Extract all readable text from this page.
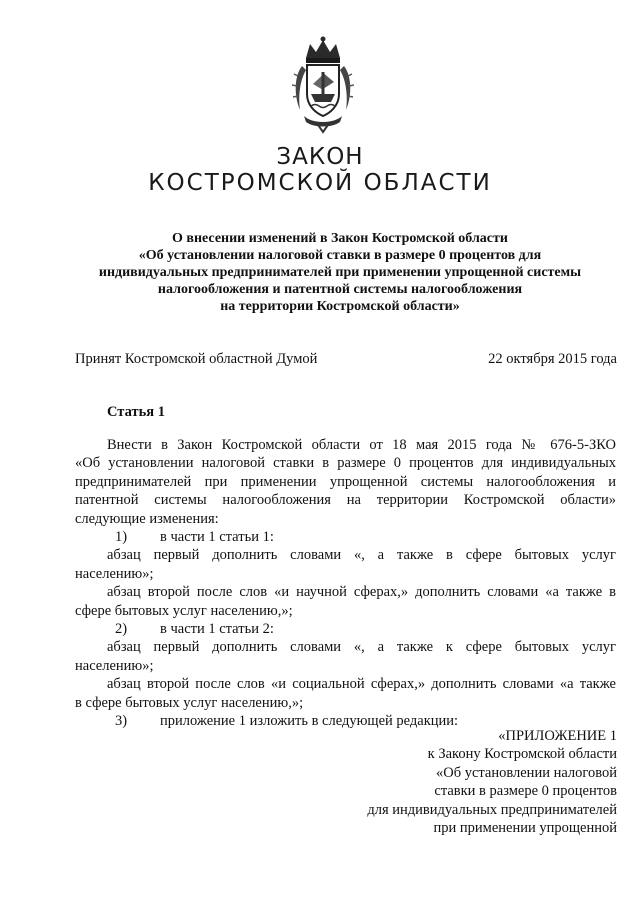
ЗАКОН
КОСТРОМСКОЙ ОБЛАСТИ
О внесении изменений в Закон Костромской области
«Об установлении налоговой ставки в размере 0 процентов для
индивидуальных предпринимателей при применении упрощенной системы
налогообложения и патентной системы налогообложения
на территории Костромской области»
Принят Костромской областной Думой	22 октября 2015 года
Статья 1
Внести в Закон Костромской области от 18 мая 2015 года № 676-5-ЗКО
«Об установлении налоговой ставки в размере 0 процентов для индивидуальных
предпринимателей при применении упрощенной системы налогообложения и
патентной системы налогообложения на территории Костромской области»
следующие изменения:
1) в части 1 статьи 1:
абзац первый дополнить словами «, а также в сфере бытовых услуг
населению»;
абзац второй после слов «и научной сферах,» дополнить словами «а также в
сфере бытовых услуг населению,»;
2) в части 1 статьи 2:
абзац первый дополнить словами «, а также к сфере бытовых услуг
населению»;
абзац второй после слов «и социальной сферах,» дополнить словами «а также
в сфере бытовых услуг населению,»;
3) приложение 1 изложить в следующей редакции:
«ПРИЛОЖЕНИЕ 1
к Закону Костромской области
«Об установлении налоговой
ставки в размере 0 процентов
для индивидуальных предпринимателей
при применении упрощенной
